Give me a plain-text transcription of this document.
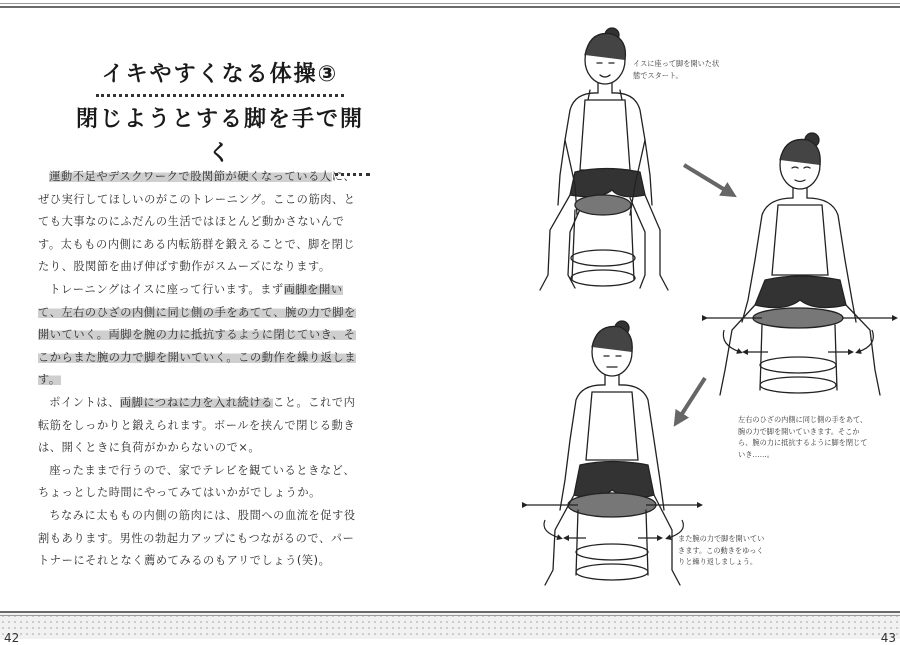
イキやすくなる体操③
閉じようとする脚を手で開く

運動不足やデスクワークで股関節が硬くなっている人に、ぜひ実行してほしいのがこのトレーニング。ここの筋肉、とても大事なのにふだんの生活ではほとんど動かさないんです。太ももの内側にある内転筋群を鍛えることで、脚を閉じたり、股関節を曲げ伸ばす動作がスムーズになります。

トレーニングはイスに座って行います。まず両脚を開いて、左右のひざの内側に同じ側の手をあてて、腕の力で脚を開いていく。両脚を腕の力に抵抗するように閉じていき、そこからまた腕の力で脚を開いていく。この動作を繰り返します。

ポイントは、両脚につねに力を入れ続けること。これで内転筋をしっかりと鍛えられます。ボールを挟んで閉じる動きは、開くときに負荷がかからないので×。

座ったままで行うので、家でテレビを観ているときなど、ちょっとした時間にやってみてはいかがでしょうか。

ちなみに太ももの内側の筋肉には、股間への血流を促す役割もあります。男性の勃起力アップにもつながるので、パートナーにそれとなく薦めてみるのもアリでしょう(笑)。

イスに座って脚を開いた状態でスタート。
左右のひざの内側に同じ側の手をあて、腕の力で脚を開いていきます。そこから、腕の力に抵抗するように脚を閉じていき……。
また腕の力で脚を開いていきます。この動きをゆっくりと繰り返しましょう。
42	43
